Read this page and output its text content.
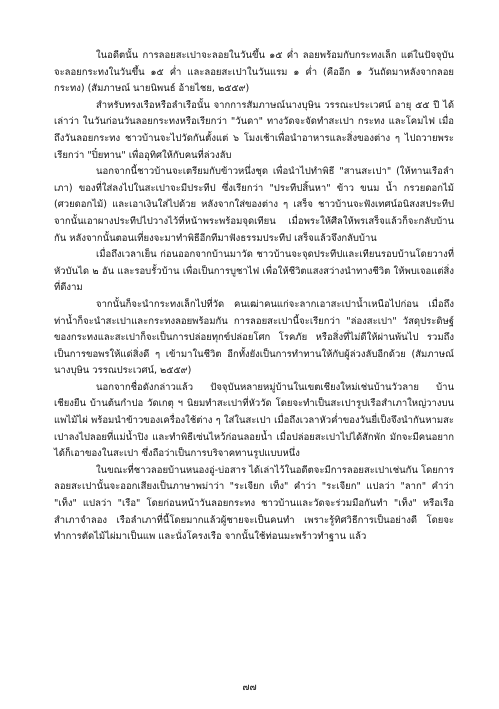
ในอดีตนั้น การลอยสะเปาจะลอยในวันขึ้น ๑๕ ค่ำ ลอยพร้อมกับกระทงเล็ก แต่ในปัจจุบันจะลอยกระทงในวันขึ้น ๑๕ ค่ำ และลอยสะเปาในวันแรม ๑ ค่ำ (คืออีก ๑ วันถัดมาหลังจากลอยกระทง) (สัมภาษณ์ นายนิพนธ์ อ้ายไชย, ๒๕๕๙)

สำหรับทรงเรือหรือลำเรือนั้น จากการสัมภาษณ์นางบุษิน วรรณะประเวศน์ อายุ ๕๕ ปี ได้เล่าว่า ในวันก่อนวันลอยกระทงหรือเรียกว่า "วันดา" ทางวัดจะจัดทำสะเปา กระทง และโคมไฟ เมื่อถึงวันลอยกระทง ชาวบ้านจะไปวัดกันตั้งแต่ ๖ โมงเช้าเพื่อนำอาหารและสิ่งของต่าง ๆ ไปถวายพระ เรียกว่า "ปิ๋ยทาน" เพื่ออุทิศให้กับคนที่ล่วงลับ

นอกจากนี้ชาวบ้านจะเตรียมกับข้าวหนึ่งชุด เพื่อนำไปทำพิธี "สานสะเปา" (ให้ทานเรือลำเภา) ของที่ใส่ลงไปในสะเปาจะมีประทีป ซึ่งเรียกว่า "ประทีปสิ้นหา" ข้าว ขนม น้ำ กรวยดอกไม้ (ศวยดอกไม้) และเอาเงินใส่ไปด้วย หลังจากใส่ของต่าง ๆ เสร็จ ชาวบ้านจะฟังเทศน์อนิสงสประทีป จากนั้นเอาผางประทีปไปวางไว้ที่หน้าพระพร้อมจุดเทียน เมื่อพระให้ศีลให้พรเสร็จแล้วก็จะกลับบ้านกัน หลังจากนั้นตอนเที่ยงจะมาทำพิธีอีกทีมาฟังธรรมประทีป เสร็จแล้วจึงกลับบ้าน

เมื่อถึงเวลาเย็น ก่อนออกจากบ้านมาวัด ชาวบ้านจะจุดประทีปและเทียนรอบบ้านโดยวางที่หัวบันได ๒ อัน และรอบรั้วบ้าน เพื่อเป็นการบูชาไฟ เพื่อให้ชีวิตแสงสว่างนำทางชีวิต ให้พบเจอแต่สิ่งที่ดีงาม

จากนั้นก็จะนำกระทงเล็กไปที่วัด คนเฒ่าคนแก่จะลากเอาสะเปาน้ำเหนือไปก่อน เมื่อถึงท่าน้ำก็จะนำสะเปาและกระทงลอยพร้อมกัน การลอยสะเปานี้จะเรียกว่า "ล่องสะเปา" วัสดุประดิษฐ์ของกระทงและสะเปาก็จะเป็นการปล่อยทุกข์ปล่อยโศก โรคภัย หรือสิ่งที่ไม่ดีให้ผ่านพ้นไป รวมถึงเป็นการขอพรให้แด่สิ่งดี ๆ เข้ามาในชีวิต อีกทั้งยังเป็นการทำทานให้กับผู้ล่วงลับอีกด้วย (สัมภาษณ์ นางบุษิน วรรณประเวศน์, ๒๕๕๙)

นอกจากชื่อดังกล่าวแล้ว ปัจจุบันหลายหมู่บ้านในเขตเชียงใหม่เช่นบ้านวัวลาย บ้านเชียงยืน บ้านต้นกำปอ วัดเกตุ ฯ นิยมทำสะเปาที่หัววัด โดยจะทำเป็นสะเปารูปเรือสำเภาใหญ่วางบนแพไม้ไผ่ พร้อมนำข้าวของเครื่องใช้ต่าง ๆ ใส่ในสะเปา เมื่อถึงเวลาหัวค่ำของวันยี่เป็งจึงนำกันหามสะเปาลงไปลอยที่แม่น้ำปิง และทำพิธีเซ่นไหว้ก่อนลอยน้ำ เมื่อปล่อยสะเปาไปได้สักพัก มักจะมีคนอยากได้ก็เอาของในสะเปา ซึ่งถือว่าเป็นการบริจาคทานรูปแบบหนึ่ง

ในขณะที่ชาวลอยบ้านหนองอู่-บ่อสาร ได้เล่าไว้ในอดีตจะมีการลอยสะเปาเช่นกัน โดยการลอยสะเปานั้นจะออกเสียงเป็นภาษาพม่าว่า "ระเจียก เท็ง" คำว่า "ระเจียก" แปลว่า "ลาก" คำว่า "เท็ง" แปลว่า "เรือ" โดยก่อนหน้าวันลอยกระทง ชาวบ้านและวัดจะร่วมมือกันทำ "เท็ง" หรือเรือสำเภาจำลอง เรือลำเภาที่นี้โดยมากแล้วผู้ชายจะเป็นคนทำ เพราะรู้ทิศวิธีการเป็นอย่างดี โดยจะทำการตัดไม้ไผ่มาเป็นแพ และนั่งโครงเรือ จากนั้นใช้ท่อนมะพร้าวทำฐาน แล้ว

๗๗
